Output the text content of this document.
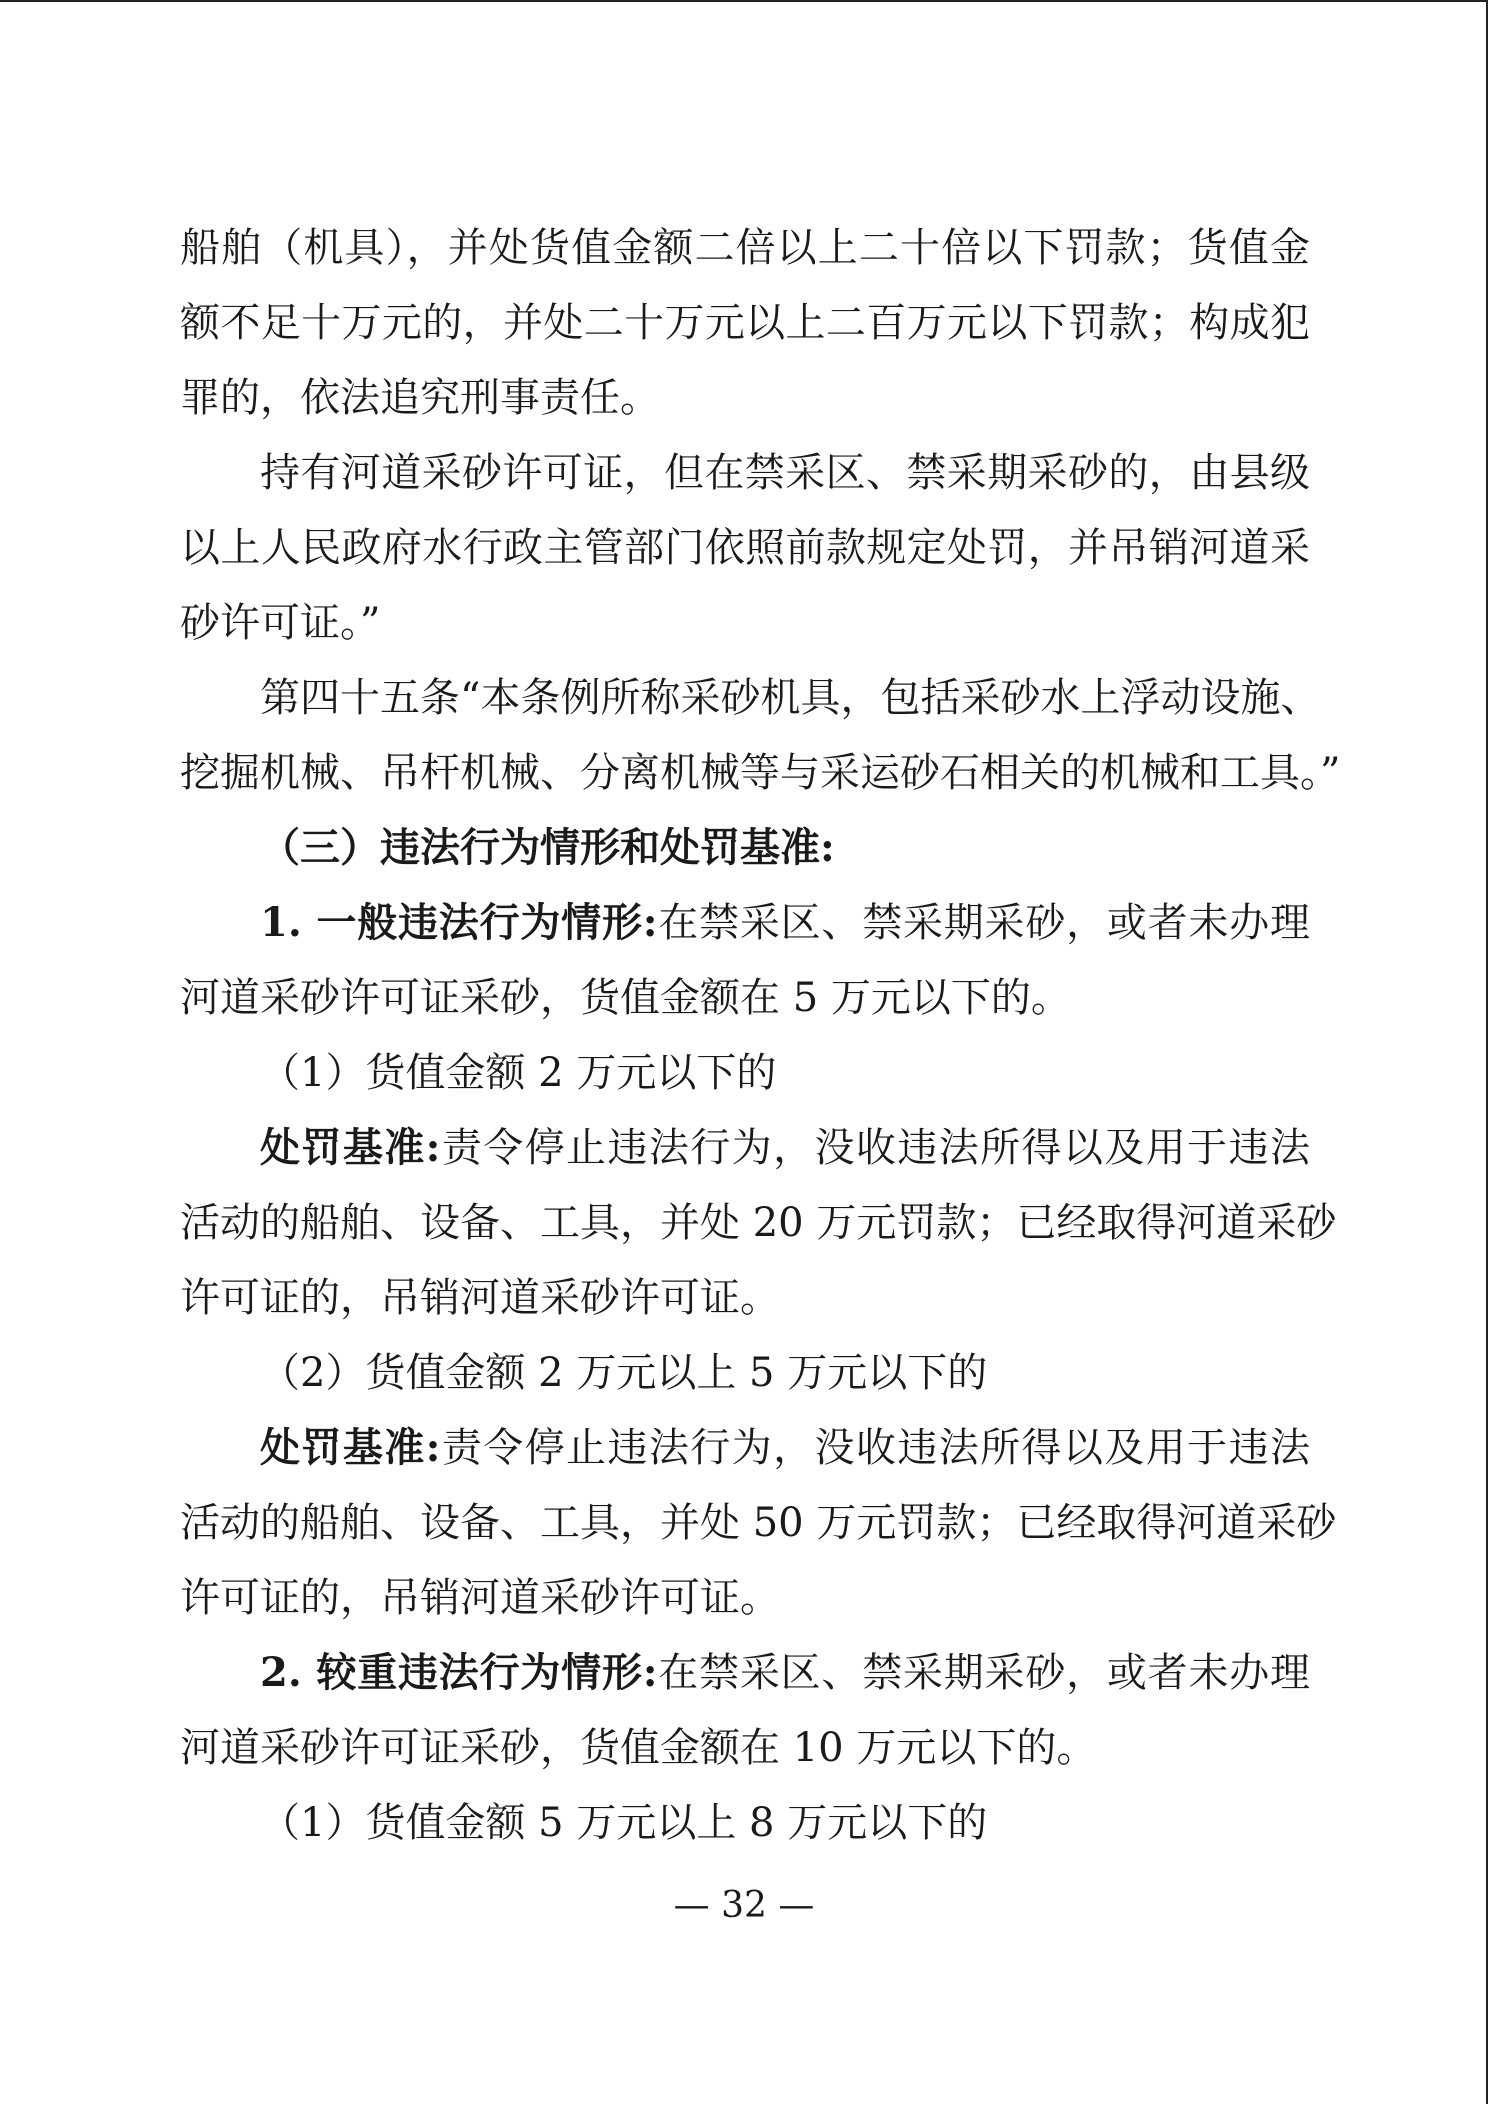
船舶（机具），并处货值金额二倍以上二十倍以下罚款；货值金
额不足十万元的，并处二十万元以上二百万元以下罚款；构成犯
罪的，依法追究刑事责任。
持有河道采砂许可证，但在禁采区、禁采期采砂的，由县级
以上人民政府水行政主管部门依照前款规定处罚，并吊销河道采
砂许可证。”
第四十五条“本条例所称采砂机具，包括采砂水上浮动设施、
挖掘机械、吊杆机械、分离机械等与采运砂石相关的机械和工具。”
（三）违法行为情形和处罚基准:
1. 一般违法行为情形:在禁采区、禁采期采砂，或者未办理
河道采砂许可证采砂，货值金额在 5 万元以下的。
（1）货值金额 2 万元以下的
处罚基准:责令停止违法行为，没收违法所得以及用于违法
活动的船舶、设备、工具，并处 20 万元罚款；已经取得河道采砂
许可证的，吊销河道采砂许可证。
（2）货值金额 2 万元以上 5 万元以下的
处罚基准:责令停止违法行为，没收违法所得以及用于违法
活动的船舶、设备、工具，并处 50 万元罚款；已经取得河道采砂
许可证的，吊销河道采砂许可证。
2. 较重违法行为情形:在禁采区、禁采期采砂，或者未办理
河道采砂许可证采砂，货值金额在 10 万元以下的。
（1）货值金额 5 万元以上 8 万元以下的
— 32 —
